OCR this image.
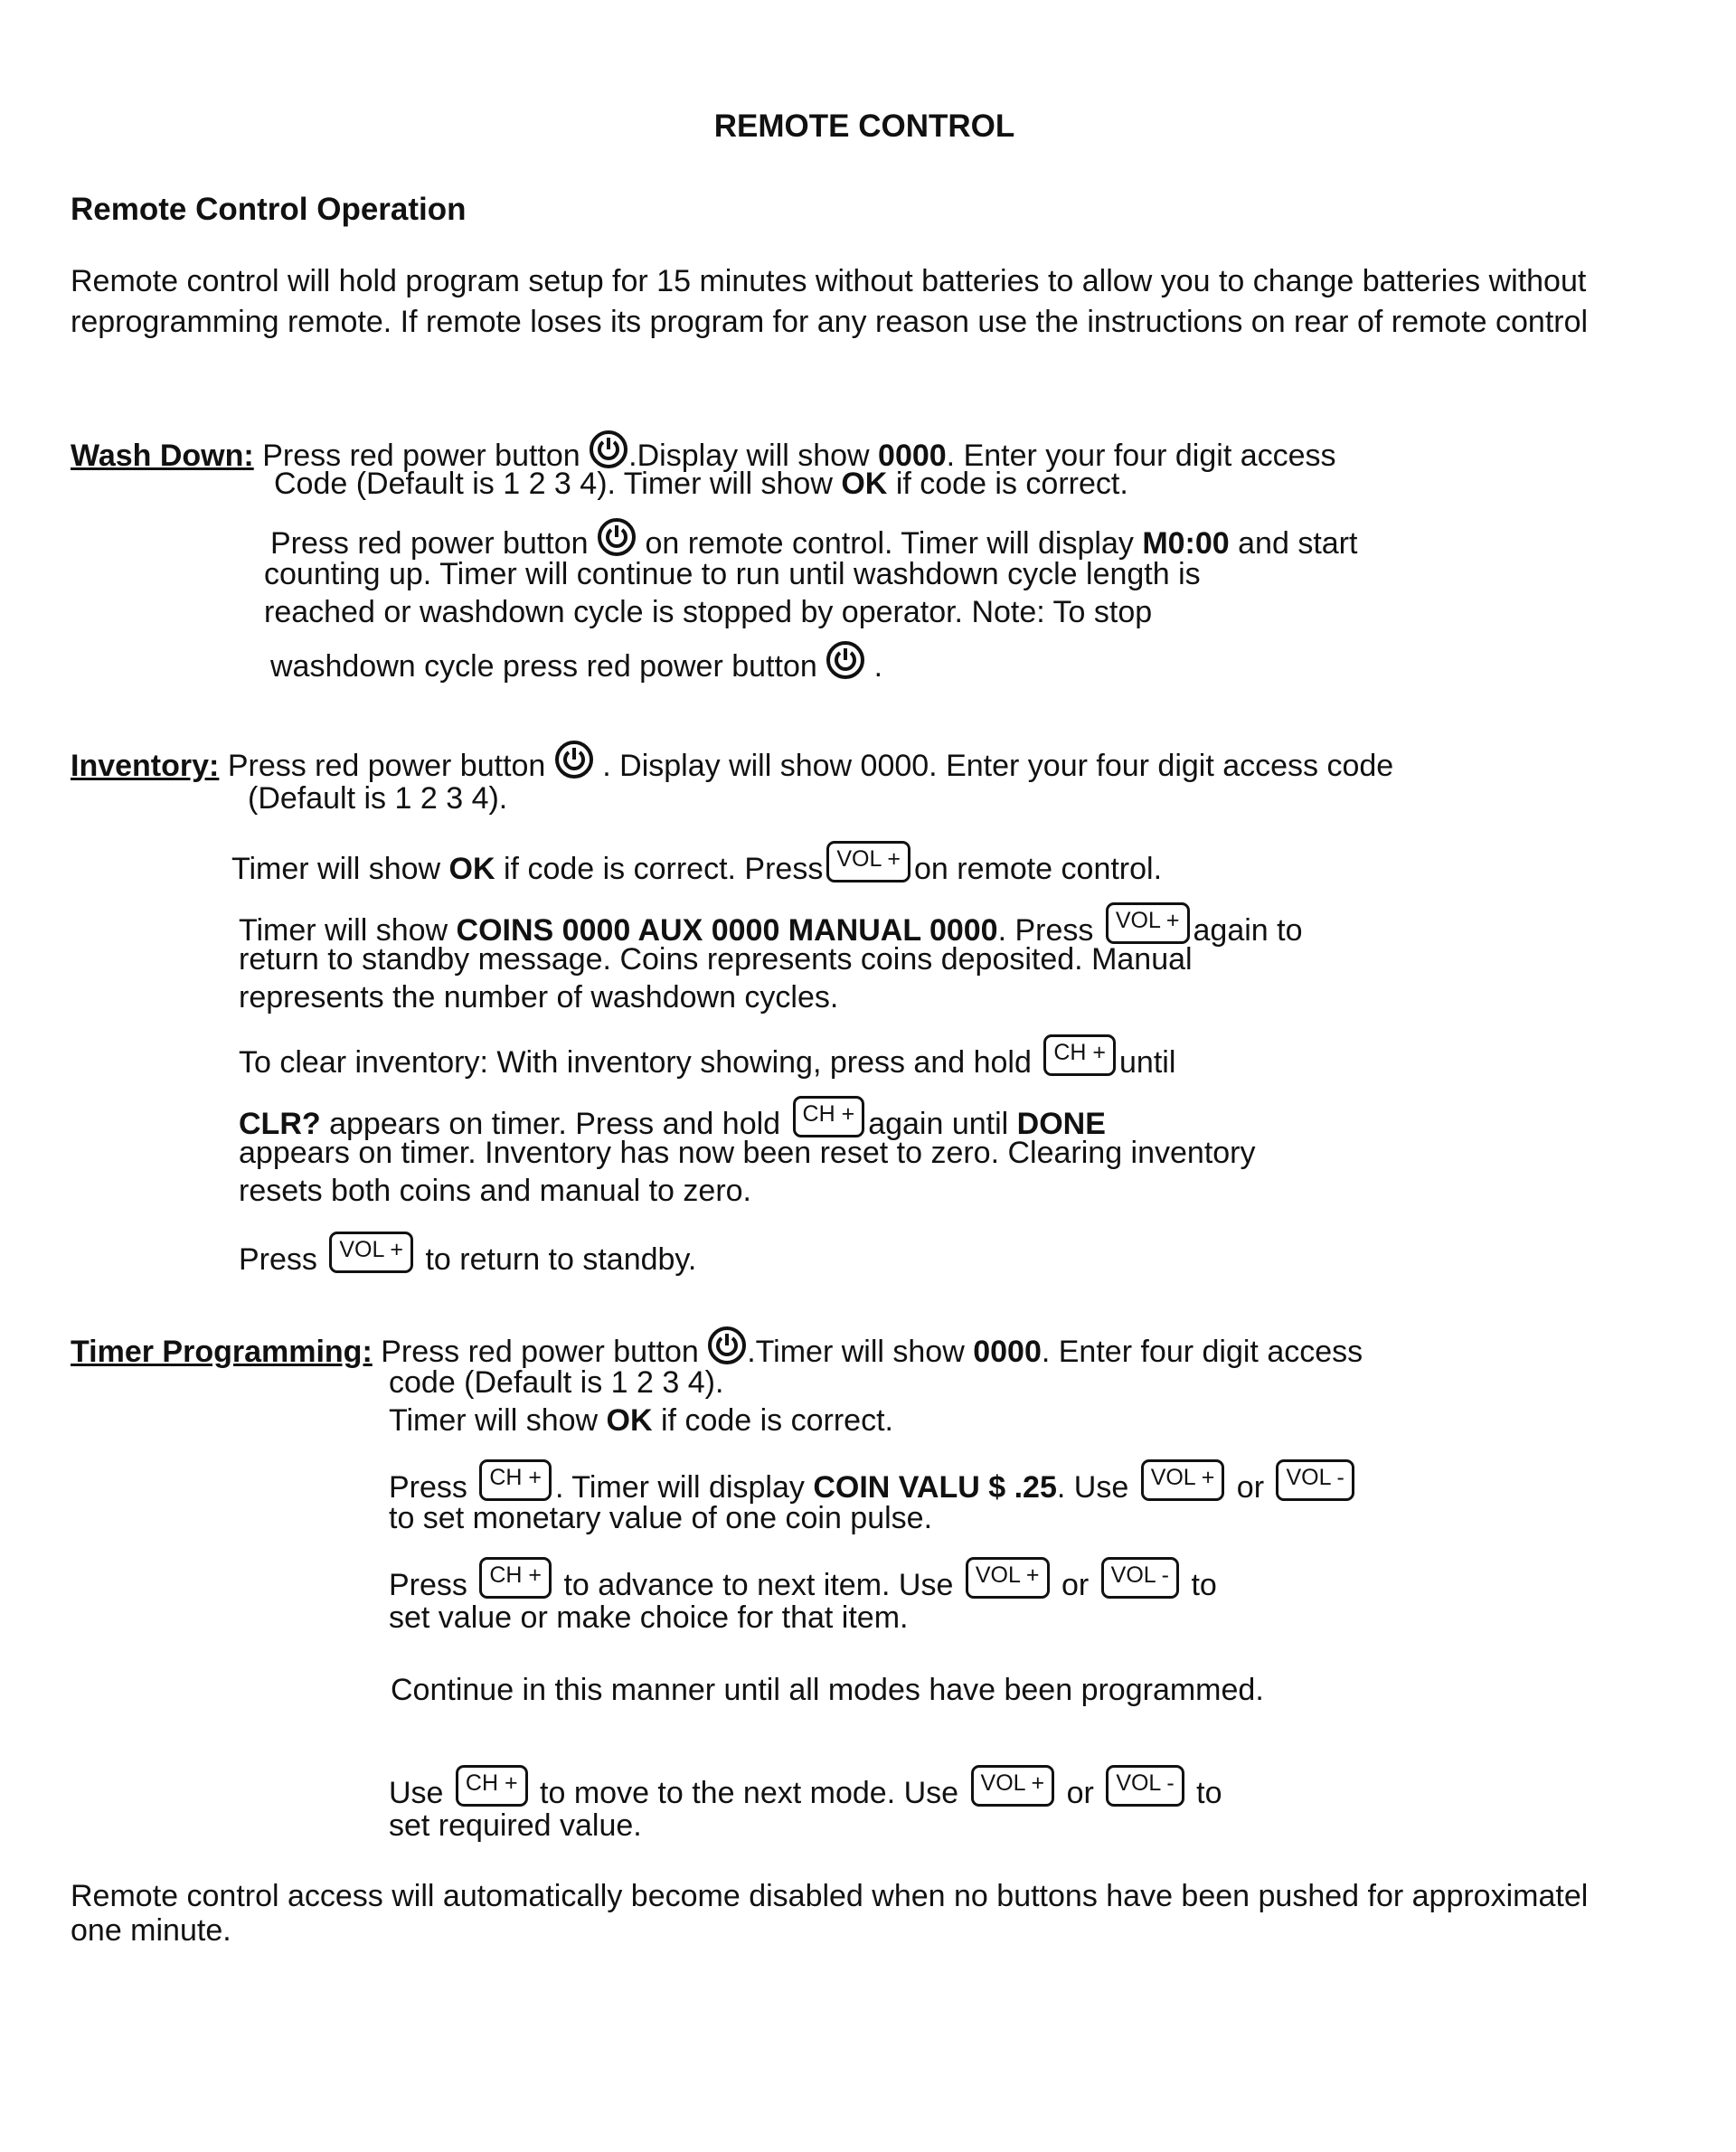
REMOTE CONTROL
Remote Control Operation
Remote control will hold program setup for 15 minutes without batteries to allow you to change batteries without
reprogramming remote. If remote loses its program for any reason use the instructions on rear of remote control
Wash Down: Press red power button .Display will show 0000. Enter your four digit access
Code (Default is 1 2 3 4). Timer will show OK if code is correct.
Press red power button on remote control. Timer will display M0:00 and start
counting up. Timer will continue to run until washdown cycle length is
reached or washdown cycle is stopped by operator. Note: To stop
washdown cycle press red power button .
Inventory: Press red power button . Display will show 0000. Enter your four digit access code
(Default is 1 2 3 4).
Timer will show OK if code is correct. Press VOL + on remote control.
Timer will show COINS 0000 AUX 0000 MANUAL 0000. Press VOL + again to
return to standby message. Coins represents coins deposited. Manual
represents the number of washdown cycles.
To clear inventory: With inventory showing, press and hold CH + until
CLR? appears on timer. Press and hold CH + again until DONE
appears on timer. Inventory has now been reset to zero. Clearing inventory
resets both coins and manual to zero.
Press VOL + to return to standby.
Timer Programming: Press red power button .Timer will show 0000. Enter four digit access
code (Default is 1 2 3 4).
Timer will show OK if code is correct.
Press CH + . Timer will display COIN VALU $ .25. Use VOL + or VOL -
to set monetary value of one coin pulse.
Press CH + to advance to next item. Use VOL + or VOL - to
set value or make choice for that item.
Continue in this manner until all modes have been programmed.
Use CH + to move to the next mode. Use VOL + or VOL - to
set required value.
Remote control access will automatically become disabled when no buttons have been pushed for approximatel one minute.
